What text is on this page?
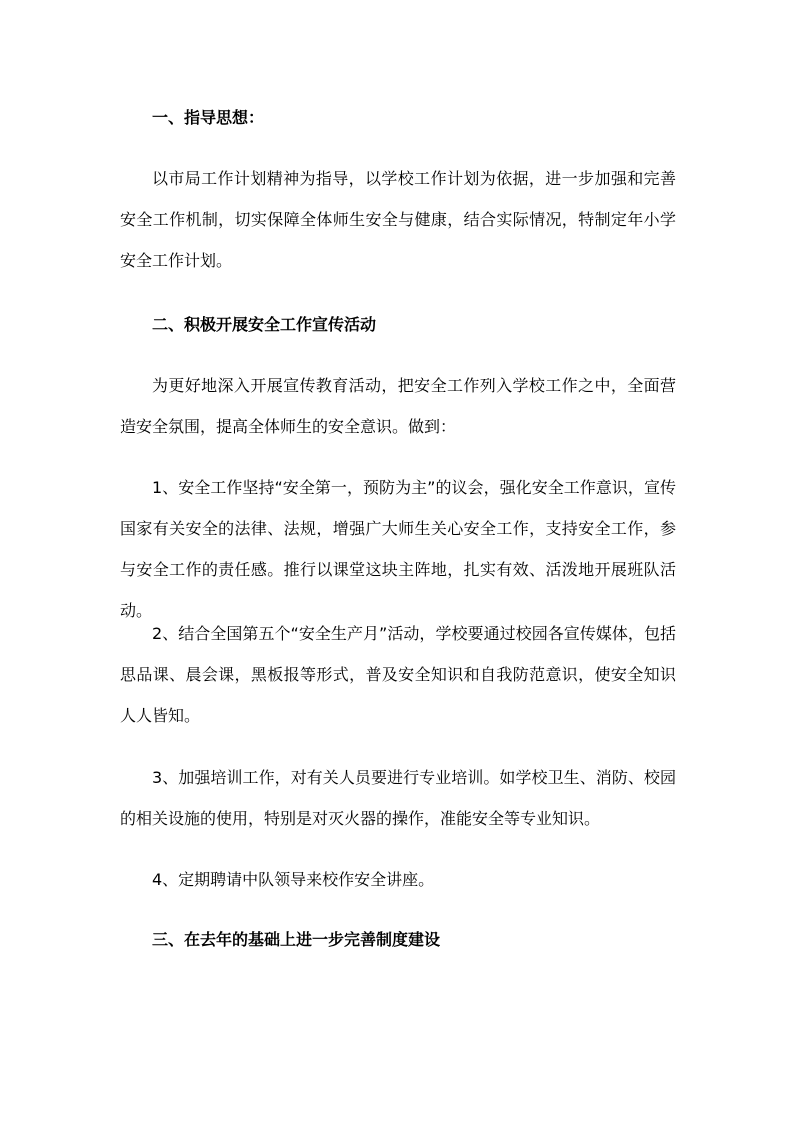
一、指导思想：

以市局工作计划精神为指导，以学校工作计划为依据，进一步加强和完善安全工作机制，切实保障全体师生安全与健康，结合实际情况，特制定年小学安全工作计划。

二、积极开展安全工作宣传活动

为更好地深入开展宣传教育活动，把安全工作列入学校工作之中，全面营造安全氛围，提高全体师生的安全意识。做到：

1、安全工作坚持“安全第一，预防为主”的议会，强化安全工作意识，宣传国家有关安全的法律、法规，增强广大师生关心安全工作，支持安全工作，参与安全工作的责任感。推行以课堂这块主阵地，扎实有效、活泼地开展班队活动。

2、结合全国第五个“安全生产月”活动，学校要通过校园各宣传媒体，包括思品课、晨会课，黑板报等形式，普及安全知识和自我防范意识，使安全知识人人皆知。

3、加强培训工作，对有关人员要进行专业培训。如学校卫生、消防、校园的相关设施的使用，特别是对灭火器的操作，准能安全等专业知识。

4、定期聘请中队领导来校作安全讲座。

三、在去年的基础上进一步完善制度建设
